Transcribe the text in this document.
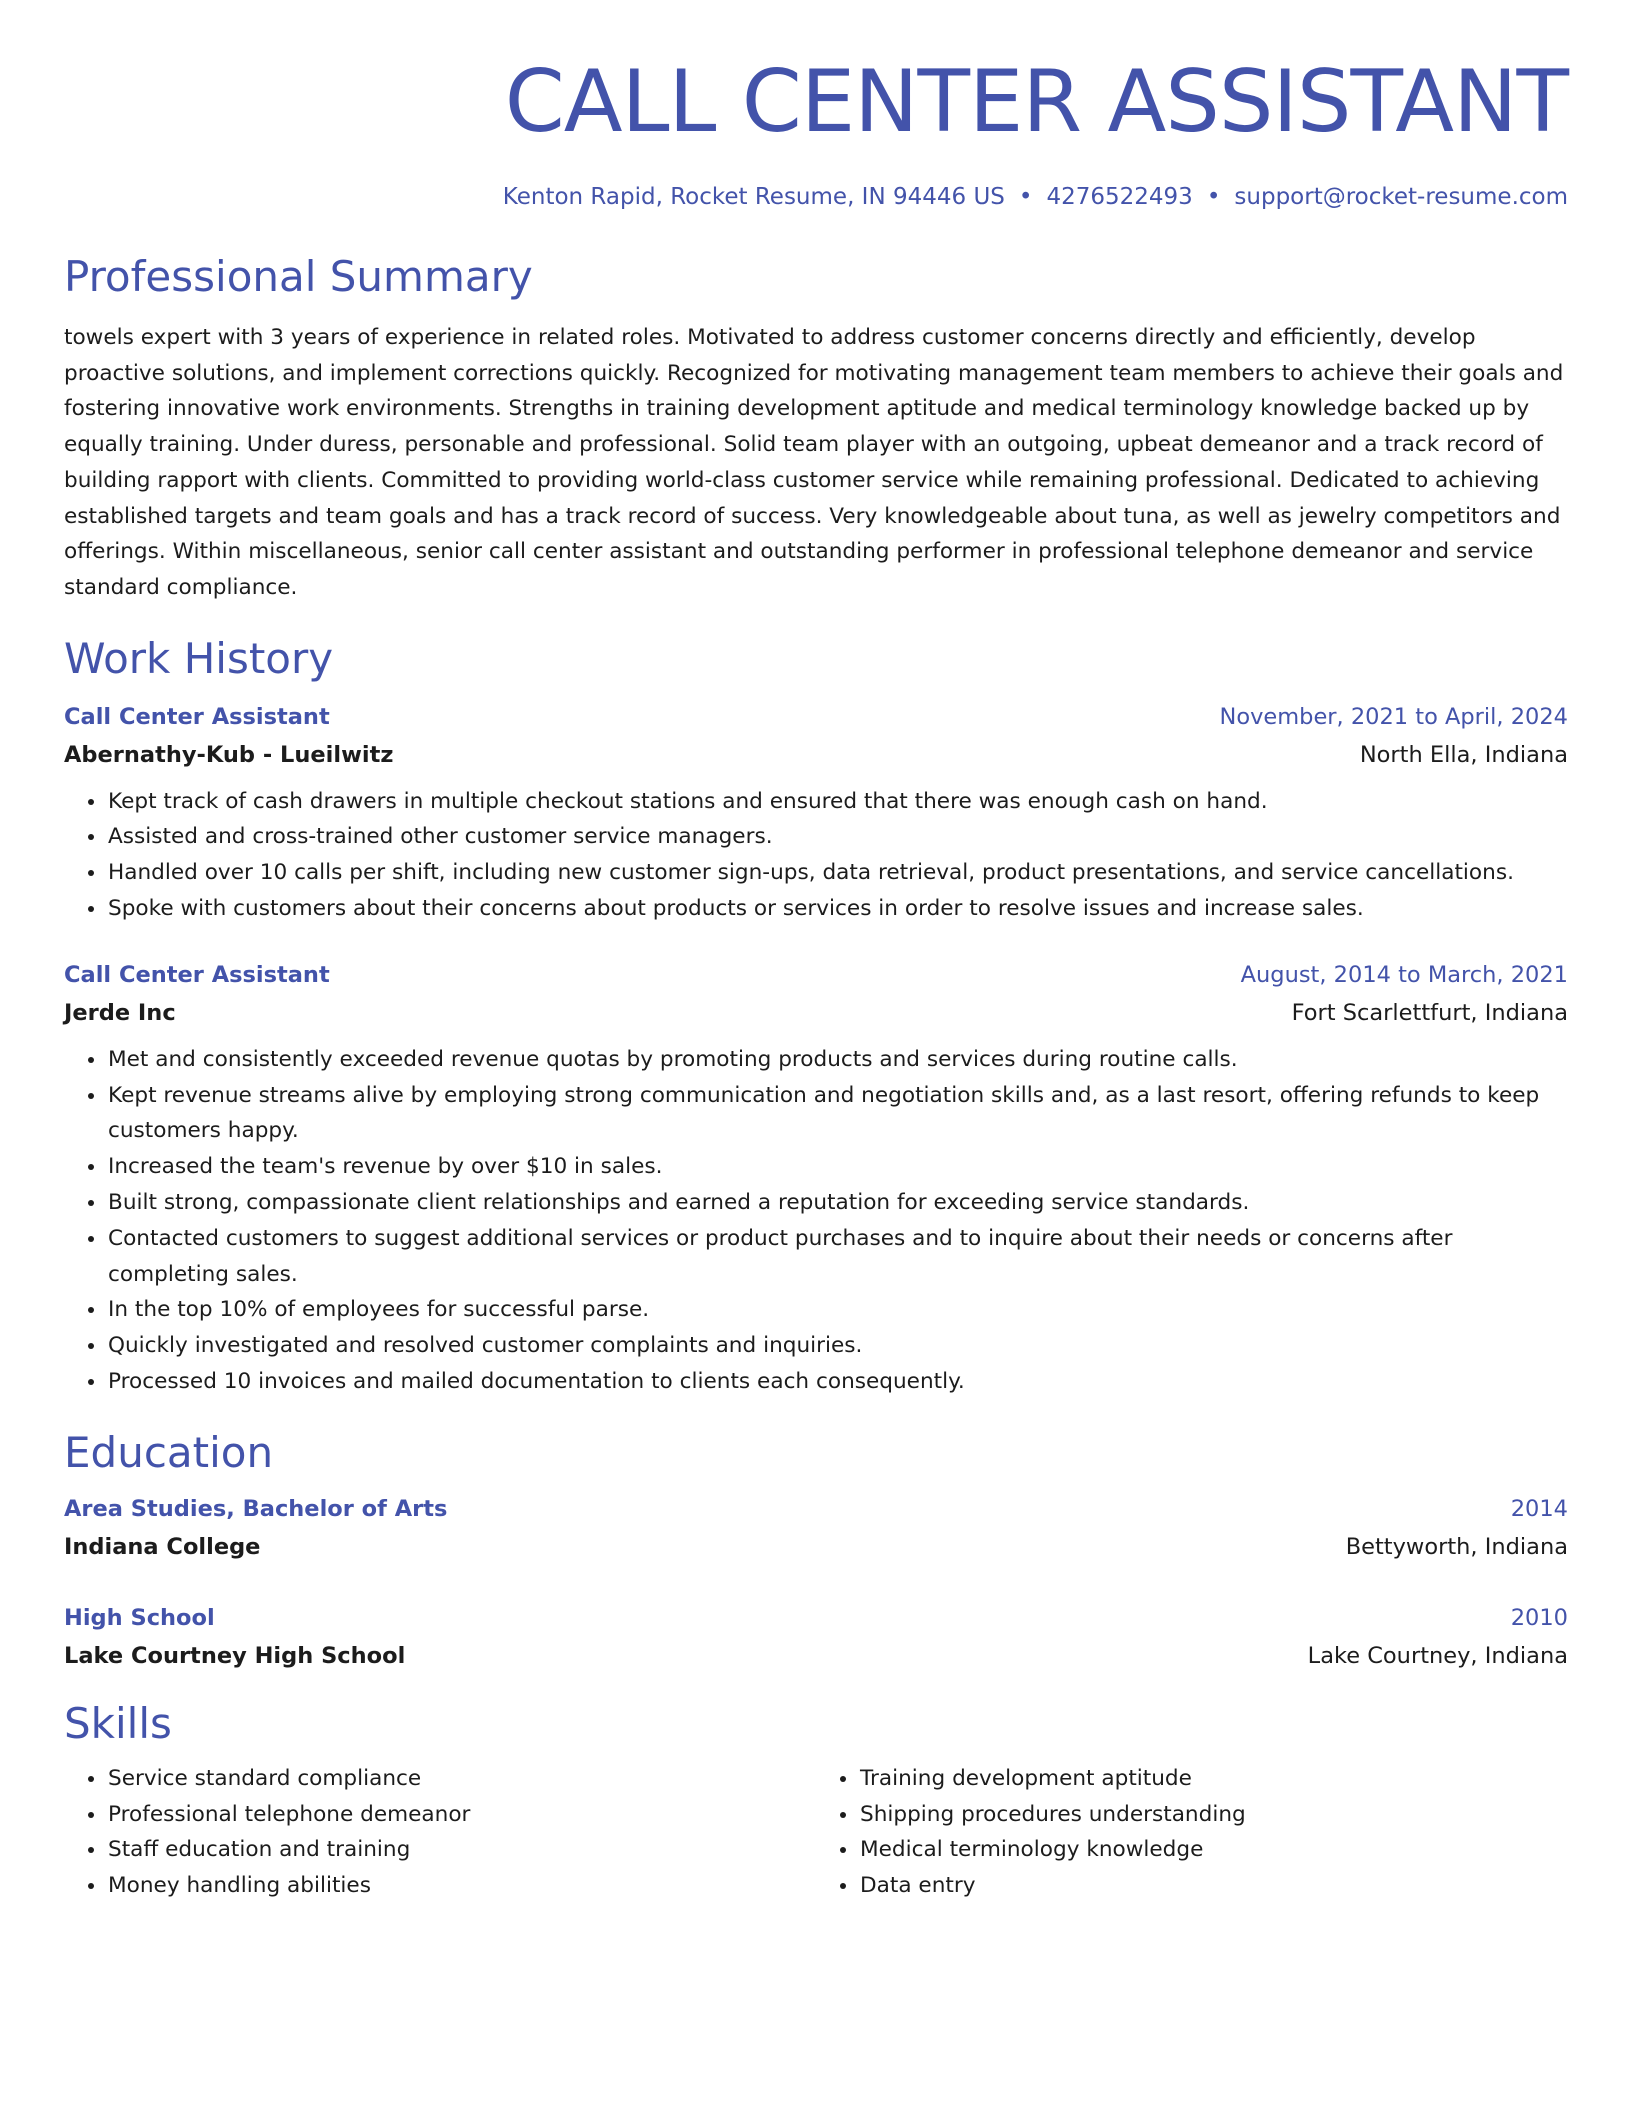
CALL CENTER ASSISTANT
Kenton Rapid, Rocket Resume, IN 94446 US • 4276522493 • support@rocket-resume.com
Professional Summary

towels expert with 3 years of experience in related roles. Motivated to address customer concerns directly and efficiently, develop proactive solutions, and implement corrections quickly. Recognized for motivating management team members to achieve their goals and fostering innovative work environments. Strengths in training development aptitude and medical terminology knowledge backed up by equally training. Under duress, personable and professional. Solid team player with an outgoing, upbeat demeanor and a track record of building rapport with clients. Committed to providing world-class customer service while remaining professional. Dedicated to achieving established targets and team goals and has a track record of success. Very knowledgeable about tuna, as well as jewelry competitors and offerings. Within miscellaneous, senior call center assistant and outstanding performer in professional telephone demeanor and service standard compliance.

Work History
Call Center Assistant	November, 2021 to April, 2024
Abernathy-Kub - Lueilwitz	North Ella, Indiana
• Kept track of cash drawers in multiple checkout stations and ensured that there was enough cash on hand.
• Assisted and cross-trained other customer service managers.
• Handled over 10 calls per shift, including new customer sign-ups, data retrieval, product presentations, and service cancellations.
• Spoke with customers about their concerns about products or services in order to resolve issues and increase sales.
Call Center Assistant	August, 2014 to March, 2021
Jerde Inc	Fort Scarlettfurt, Indiana
• Met and consistently exceeded revenue quotas by promoting products and services during routine calls.
• Kept revenue streams alive by employing strong communication and negotiation skills and, as a last resort, offering refunds to keep customers happy.
• Increased the team's revenue by over $10 in sales.
• Built strong, compassionate client relationships and earned a reputation for exceeding service standards.
• Contacted customers to suggest additional services or product purchases and to inquire about their needs or concerns after completing sales.
• In the top 10% of employees for successful parse.
• Quickly investigated and resolved customer complaints and inquiries.
• Processed 10 invoices and mailed documentation to clients each consequently.
Education
Area Studies, Bachelor of Arts	2014
Indiana College	Bettyworth, Indiana
High School	2010
Lake Courtney High School	Lake Courtney, Indiana
Skills
• Service standard compliance
• Professional telephone demeanor
• Staff education and training
• Money handling abilities
• Training development aptitude
• Shipping procedures understanding
• Medical terminology knowledge
• Data entry
